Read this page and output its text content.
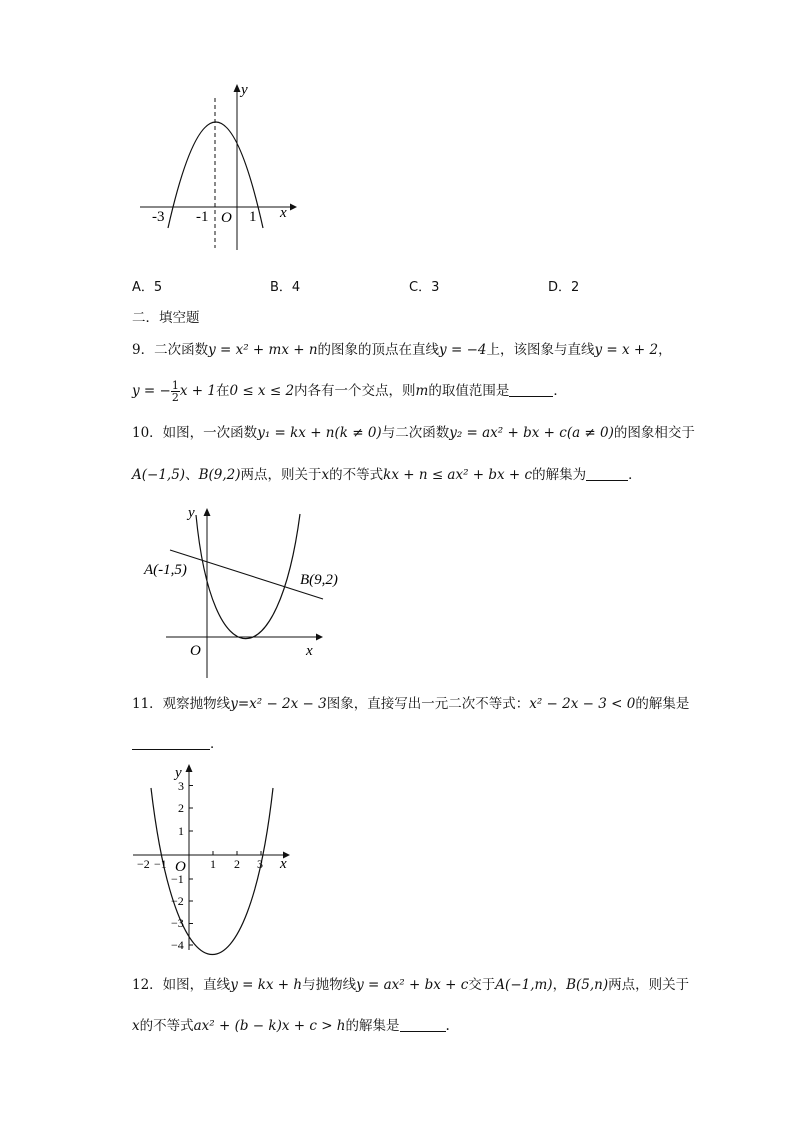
y
x
O
-3 -1	1
A．5	B．4	C．3	D．2
二．填空题
9．二次函数y = x² + mx + n的图象的顶点在直线y = −4上，该图象与直线y = x + 2，
y = − $\frac{1}{2}$ x + 1在0 ≤ x ≤ 2内各有一个交点，则m的取值范围是	．
10．如图，一次函数y₁ = kx + n(k ≠ 0)与二次函数y₂ = ax² + bx + c(a ≠ 0)的图象相交于
A(−1,5)、B(9,2)两点，则关于x的不等式kx + n ≤ ax² + bx + c的解集为	．
y
x
O
A(-1,5)
B(9,2)
11．观察抛物线y=x² − 2x − 3图象，直接写出一元二次不等式：x² − 2x − 3 < 0的解集是
．
y
x
O
3
2
1
−1
−2
−3
−4
−2 −1	1 2 3
12．如图，直线y = kx + h与抛物线y = ax² + bx + c交于A(−1,m)，B(5,n)两点，则关于
x的不等式ax² + (b − k)x + c > h的解集是	.
